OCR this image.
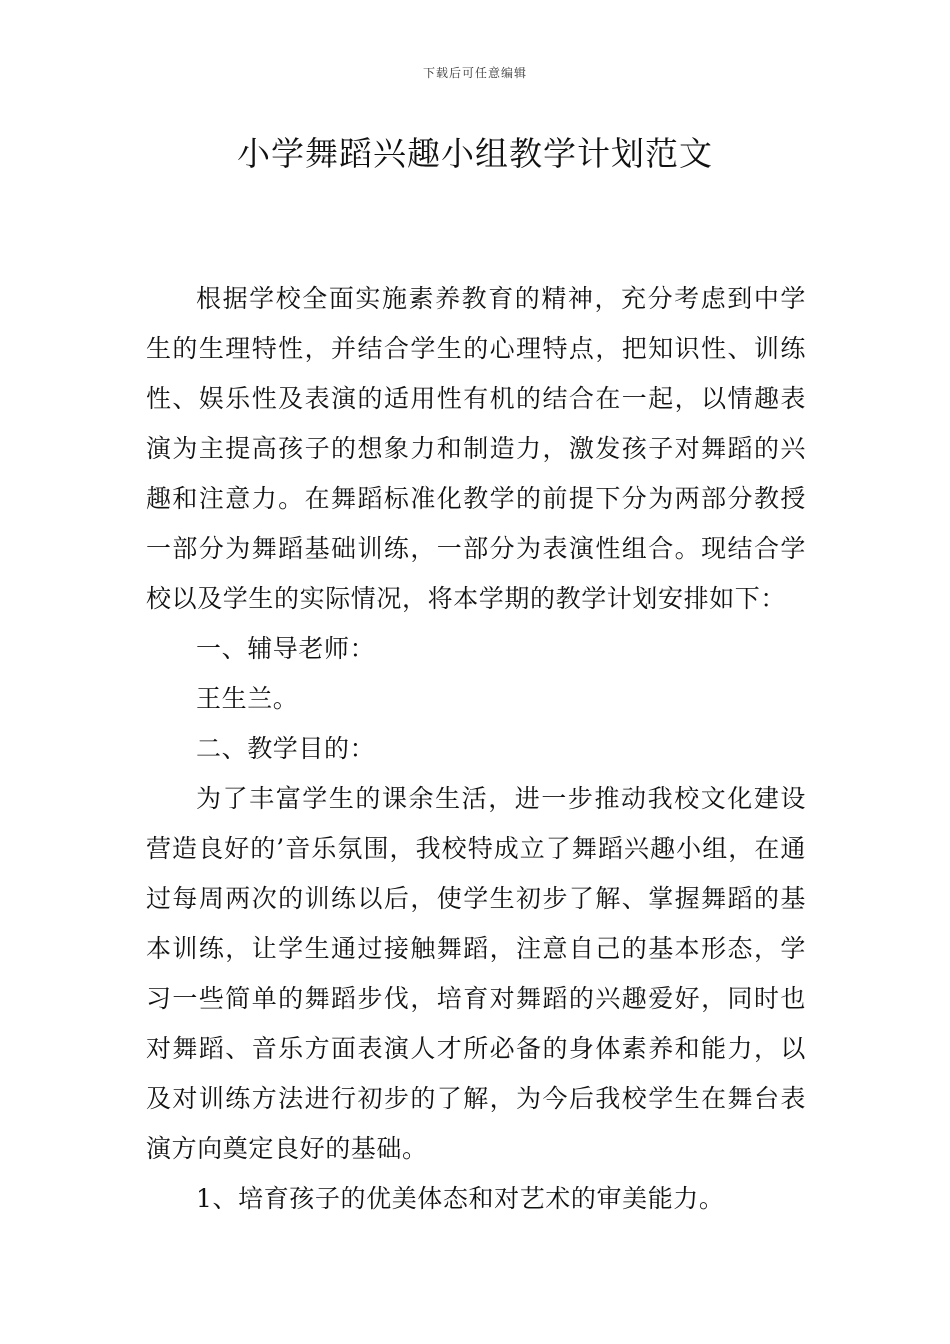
下载后可任意编辑
小学舞蹈兴趣小组教学计划范文

根据学校全面实施素养教育的精神，充分考虑到中学生的生理特性，并结合学生的心理特点，把知识性、训练性、娱乐性及表演的适用性有机的结合在一起，以情趣表演为主提高孩子的想象力和制造力，激发孩子对舞蹈的兴趣和注意力。在舞蹈标准化教学的前提下分为两部分教授一部分为舞蹈基础训练，一部分为表演性组合。现结合学校以及学生的实际情况，将本学期的教学计划安排如下：

一、辅导老师：

王生兰。

二、教学目的：

为了丰富学生的课余生活，进一步推动我校文化建设营造良好的’音乐氛围，我校特成立了舞蹈兴趣小组，在通过每周两次的训练以后，使学生初步了解、掌握舞蹈的基本训练，让学生通过接触舞蹈，注意自己的基本形态，学习一些简单的舞蹈步伐，培育对舞蹈的兴趣爱好，同时也对舞蹈、音乐方面表演人才所必备的身体素养和能力，以及对训练方法进行初步的了解，为今后我校学生在舞台表演方向奠定良好的基础。

1、培育孩子的优美体态和对艺术的审美能力。
